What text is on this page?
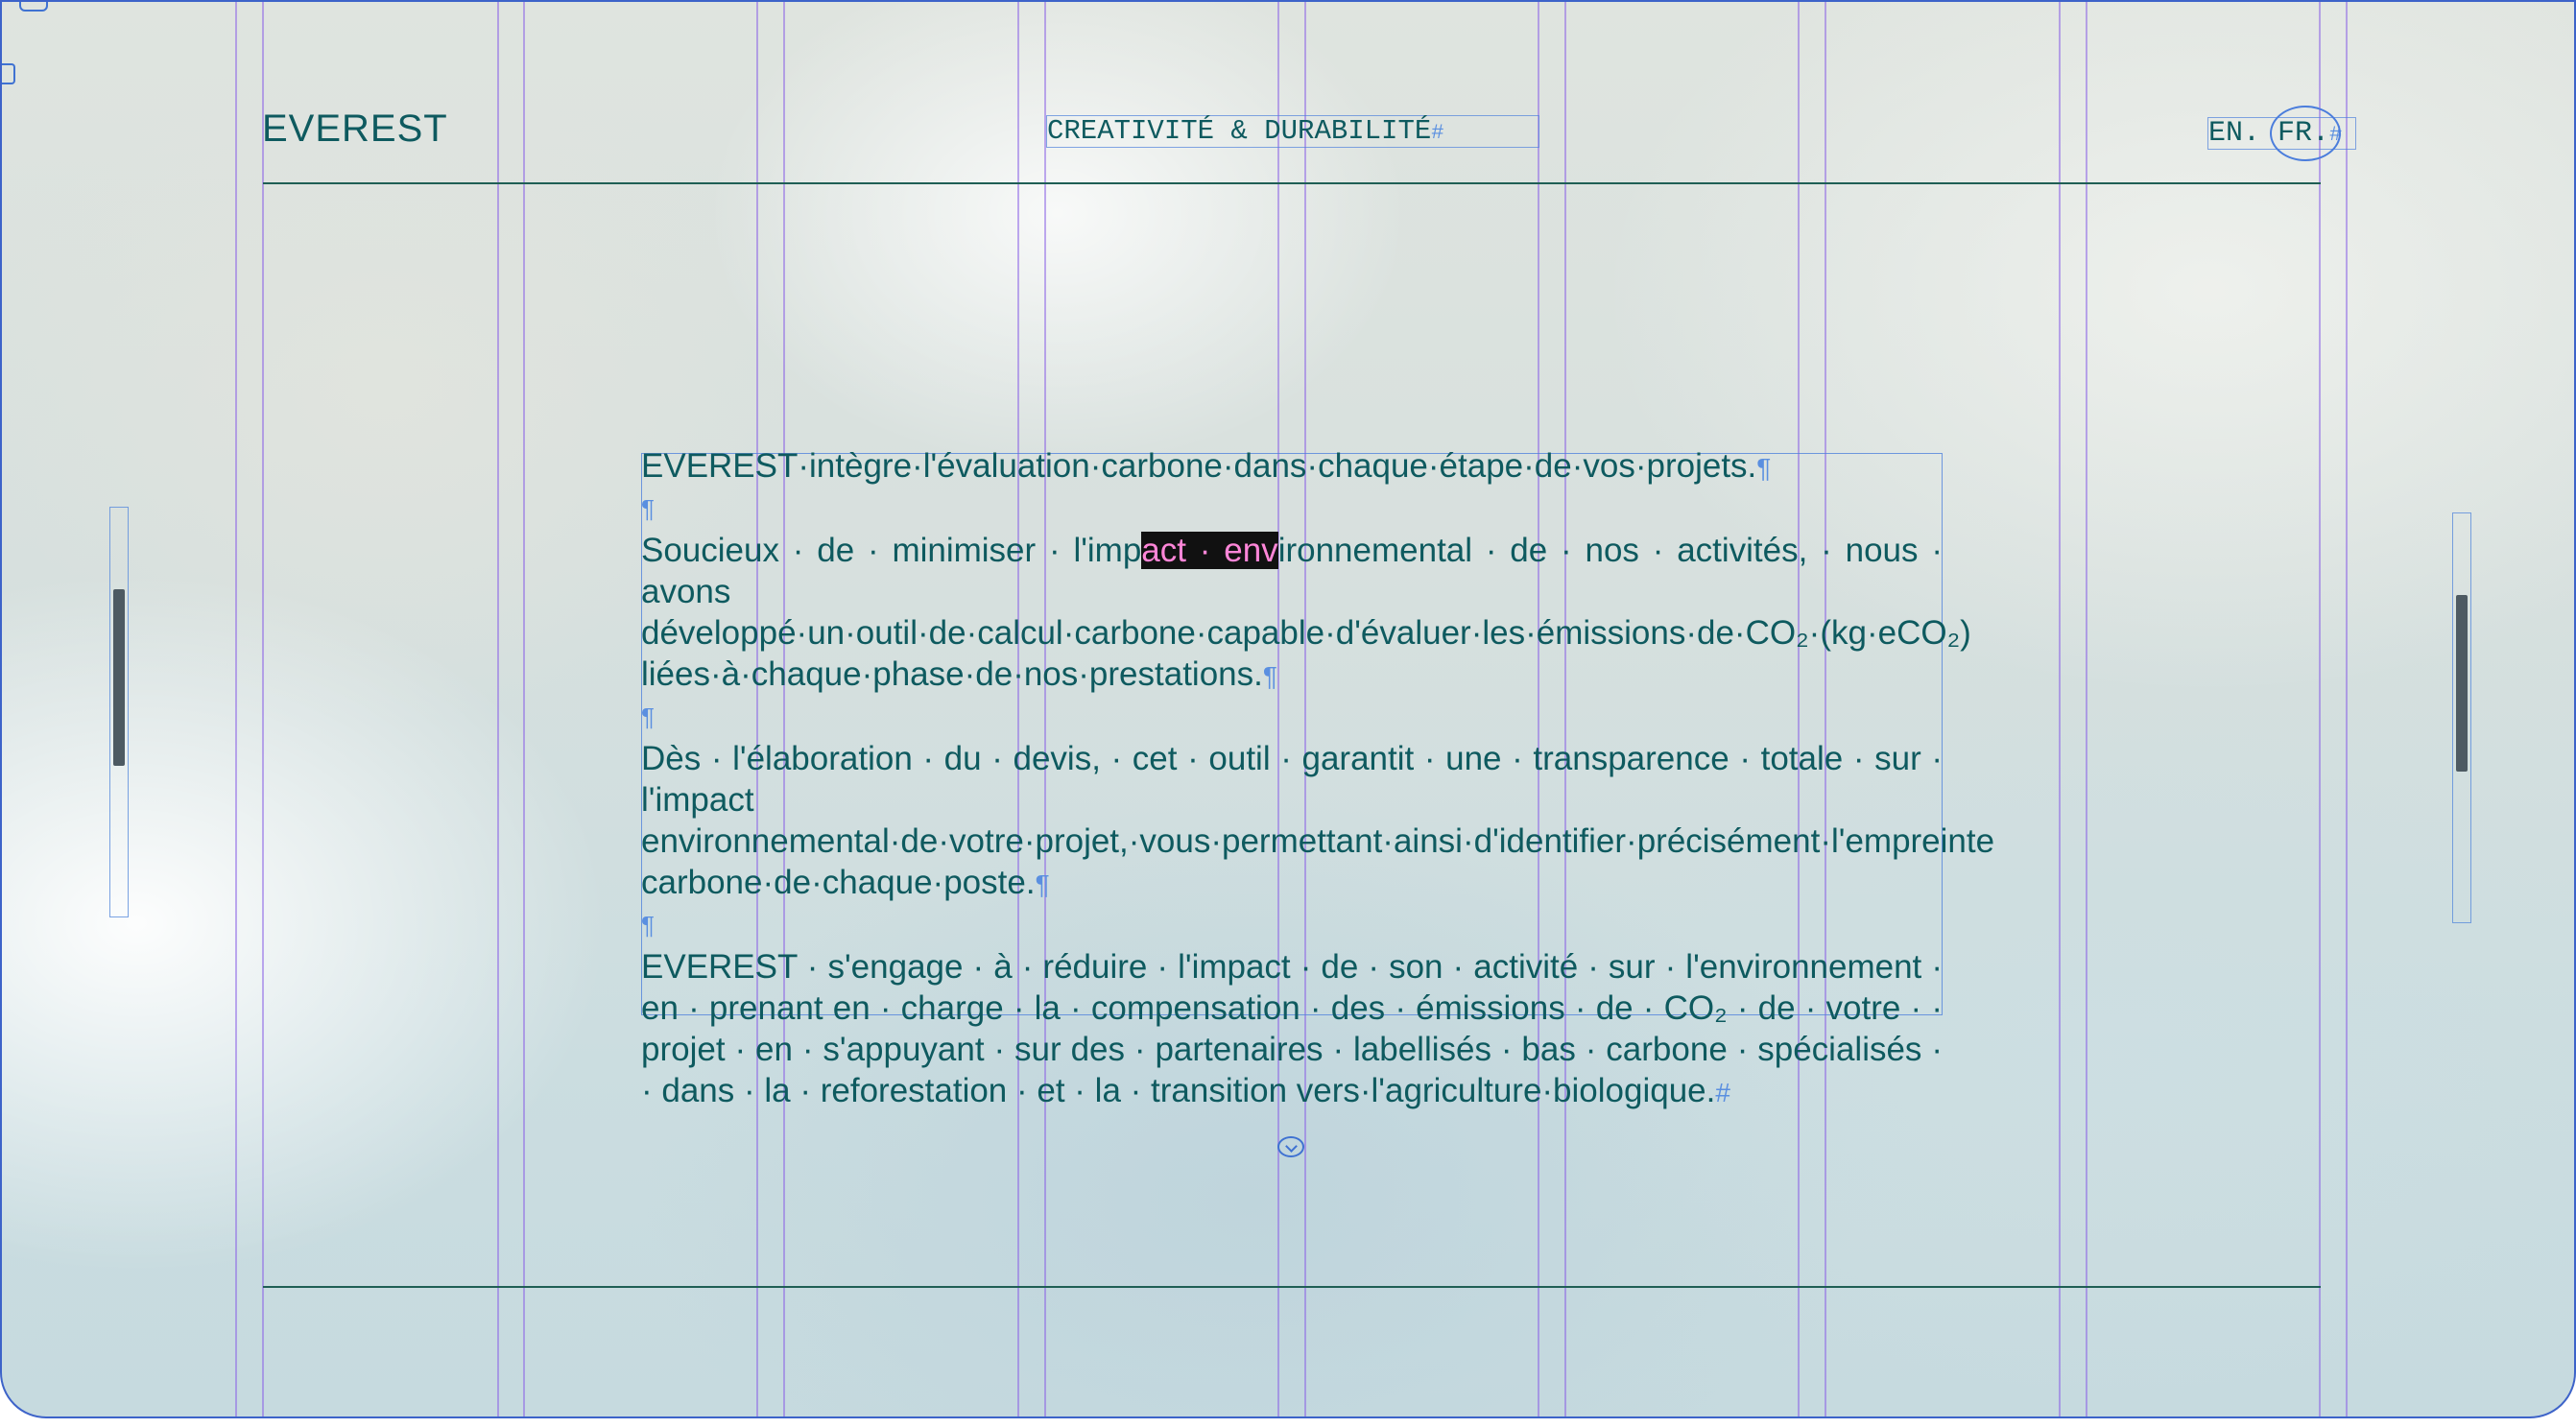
EVEREST	CREATIVITÉ & DURABILITÉ#	EN. FR.#

EVEREST·intègre·l'évaluation·carbone·dans·chaque·étape·de·vos·projets.¶

¶

Soucieux · de · minimiser · l'impact · environnemental · de · nos · activités, · nous · avons développé·un·outil·de·calcul·carbone·capable·d'évaluer·les·émissions·de·CO₂·(kg·eCO₂) liées·à·chaque·phase·de·nos·prestations.¶

¶

Dès · l'élaboration · du · devis, · cet · outil · garantit · une · transparence · totale · sur · l'impact environnemental·de·votre·projet,·vous·permettant·ainsi·d'identifier·précisément·l'empreinte carbone·de·chaque·poste.¶

¶

EVEREST · s'engage · à · réduire · l'impact · de · son · activité · sur · l'environnement · en · prenant en · charge · la · compensation · des · émissions · de · CO₂ · de · votre · · projet · en · s'appuyant · sur des · partenaires · labellisés · bas · carbone · spécialisés · · dans · la · reforestation · et · la · transition vers·l'agriculture·biologique.#
